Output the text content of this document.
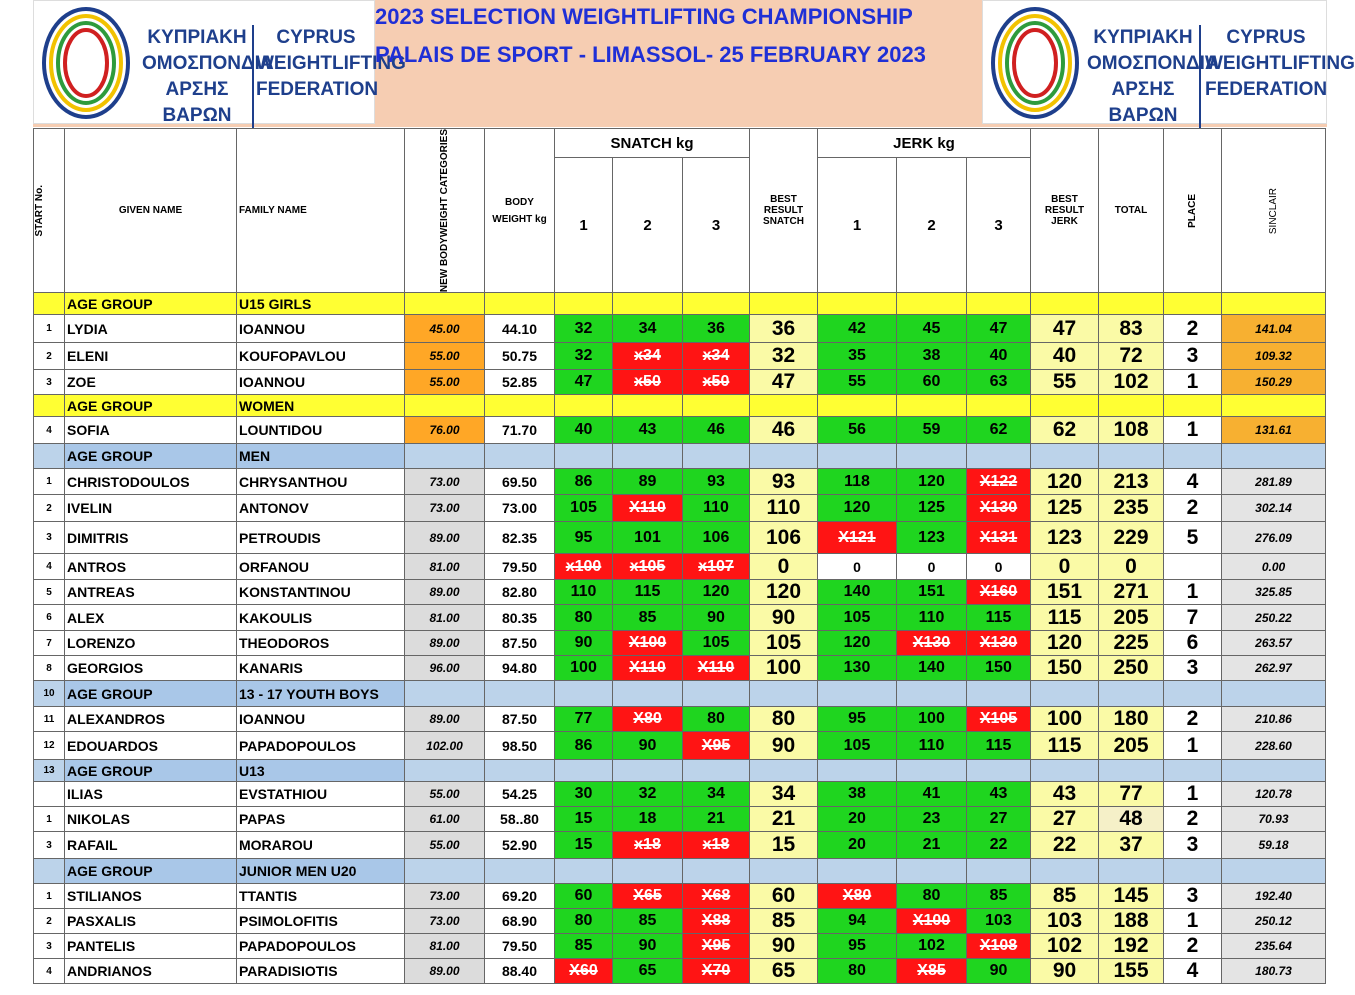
ΚΥΠΡΙΑΚΗ
ΟΜΟΣΠΟΝΔΙΑ
ΑΡΣΗΣ ΒΑΡΩΝ
CYPRUS
WEIGHTLIFTING
FEDERATION
2023 SELECTION WEIGHTLIFTING CHAMPIONSHIP
PALAIS DE SPORT - LIMASSOL- 25 FEBRUARY 2023
ΚΥΠΡΙΑΚΗ
ΟΜΟΣΠΟΝΔΙΑ
ΑΡΣΗΣ ΒΑΡΩΝ
CYPRUS
WEIGHTLIFTING
FEDERATION
START No.	GIVEN NAME	FAMILY NAME	NEW BODYWEIGHT CATEGORIES	BODY WEIGHT kg	SNATCH kg			BEST RESULT SNATCH	JERK kg			BEST RESULT JERK	TOTAL	PLACE	SINCLAIR

					1	2	3		1	2	3				
	AGE GROUP	U15 GIRLS													
1	LYDIA	IOANNOU	45.00	44.10	32	34	36	36	42	45	47	47	83	2	141.04
2	ELENI	KOUFOPAVLOU	55.00	50.75	32	x34	x34	32	35	38	40	40	72	3	109.32
3	ZOE	IOANNOU	55.00	52.85	47	x50	x50	47	55	60	63	55	102	1	150.29
	AGE GROUP	WOMEN													
4	SOFIA	LOUNTIDOU	76.00	71.70	40	43	46	46	56	59	62	62	108	1	131.61
	AGE GROUP	MEN													
1	CHRISTODOULOS	CHRYSANTHOU	73.00	69.50	86	89	93	93	118	120	X122	120	213	4	281.89
2	IVELIN	ANTONOV	73.00	73.00	105	X110	110	110	120	125	X130	125	235	2	302.14
3	DIMITRIS	PETROUDIS	89.00	82.35	95	101	106	106	X121	123	X131	123	229	5	276.09
4	ANTROS	ORFANOU	81.00	79.50	x100	x105	x107	0	0	0	0	0	0		0.00
5	ANTREAS	KONSTANTINOU	89.00	82.80	110	115	120	120	140	151	X160	151	271	1	325.85
6	ALEX	KAKOULIS	81.00	80.35	80	85	90	90	105	110	115	115	205	7	250.22
7	LORENZO	THEODOROS	89.00	87.50	90	X100	105	105	120	X130	X130	120	225	6	263.57
8	GEORGIOS	KANARIS	96.00	94.80	100	X110	X110	100	130	140	150	150	250	3	262.97
10	AGE GROUP	13 - 17 YOUTH BOYS													
11	ALEXANDROS	IOANNOU	89.00	87.50	77	X80	80	80	95	100	X105	100	180	2	210.86
12	EDOUARDOS	PAPADOPOULOS	102.00	98.50	86	90	X95	90	105	110	115	115	205	1	228.60
13	AGE GROUP	U13													
	ILIAS	EVSTATHIOU	55.00	54.25	30	32	34	34	38	41	43	43	77	1	120.78
1	NIKOLAS	PAPAS	61.00	58..80	15	18	21	21	20	23	27	27	48	2	70.93
3	RAFAIL	MORAROU	55.00	52.90	15	x18	x18	15	20	21	22	22	37	3	59.18
	AGE GROUP	JUNIOR MEN U20													
1	STILIANOS	TTANTIS	73.00	69.20	60	X65	X68	60	X80	80	85	85	145	3	192.40
2	PASXALIS	PSIMOLOFITIS	73.00	68.90	80	85	X88	85	94	X100	103	103	188	1	250.12
3	PANTELIS	PAPADOPOULOS	81.00	79.50	85	90	X95	90	95	102	X108	102	192	2	235.64
4	ANDRIANOS	PARADISIOTIS	89.00	88.40	X60	65	X70	65	80	X85	90	90	155	4	180.73
